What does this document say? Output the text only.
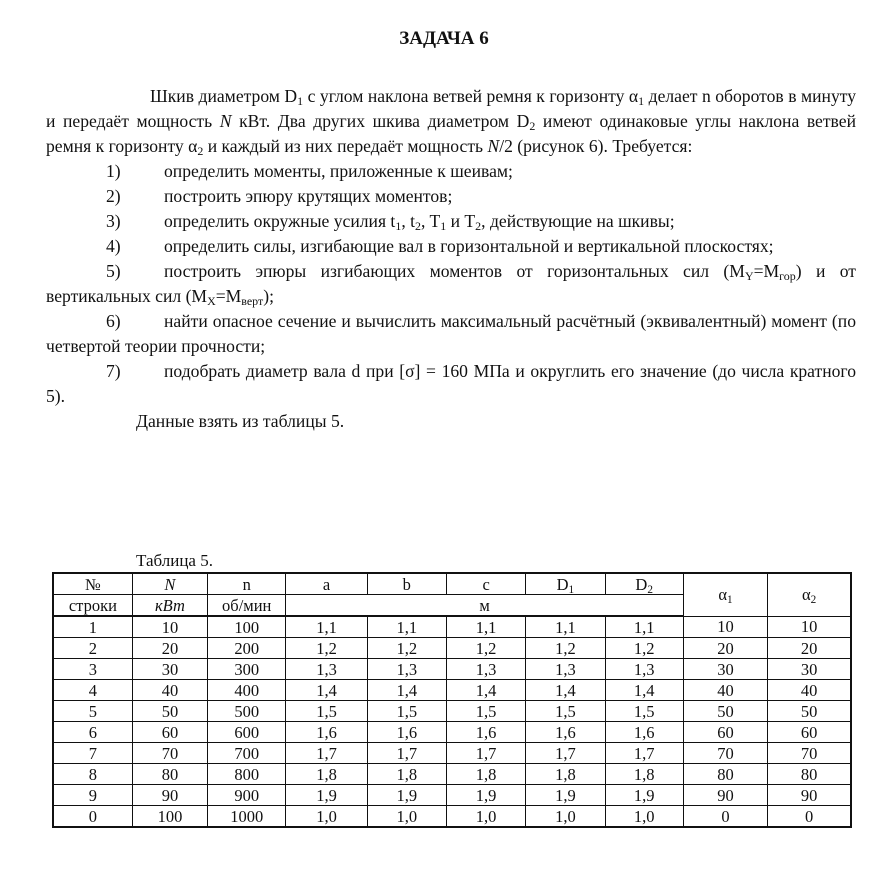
ЗАДАЧА 6

Шкив диаметром $D_1$ с углом наклона ветвей ремня к горизонту $\alpha_1$ делает n оборотов в минуту и передаёт мощность N кВт. Два других шкива диаметром $D_2$ имеют одинаковые углы наклона ветвей ремня к горизонту $\alpha_2$ и каждый из них передаёт мощность N/2 (рисунок 6). Требуется:

1) определить моменты, приложенные к шеивам;

2) построить эпюру крутящих моментов;

3) определить окружные усилия $t_1$, $t_2$, $T_1$ и $T_2$, действующие на шкивы;

4) определить силы, изгибающие вал в горизонтальной и вертикальной плоскостях;

5) построить эпюры изгибающих моментов от горизонтальных сил $(M_Y=M_{гор})$ и от вертикальных сил $(M_X=M_{верт})$;

6) найти опасное сечение и вычислить максимальный расчётный (эквивалентный) момент (по четвертой теории прочности;

7) подобрать диаметр вала d при [σ] = 160 МПа и округлить его значение (до числа кратного 5).

Данные взять из таблицы 5.

Таблица 5.
№	N	n	a	b	c	$D_1$	$D_2$	$\alpha_1$	$\alpha_2$
строки	кВт	об/мин	м						
1	10	100	1,1	1,1	1,1	1,1	1,1	10	10
2	20	200	1,2	1,2	1,2	1,2	1,2	20	20
3	30	300	1,3	1,3	1,3	1,3	1,3	30	30
4	40	400	1,4	1,4	1,4	1,4	1,4	40	40
5	50	500	1,5	1,5	1,5	1,5	1,5	50	50
6	60	600	1,6	1,6	1,6	1,6	1,6	60	60
7	70	700	1,7	1,7	1,7	1,7	1,7	70	70
8	80	800	1,8	1,8	1,8	1,8	1,8	80	80
9	90	900	1,9	1,9	1,9	1,9	1,9	90	90
0	100	1000	1,0	1,0	1,0	1,0	1,0	0	0
